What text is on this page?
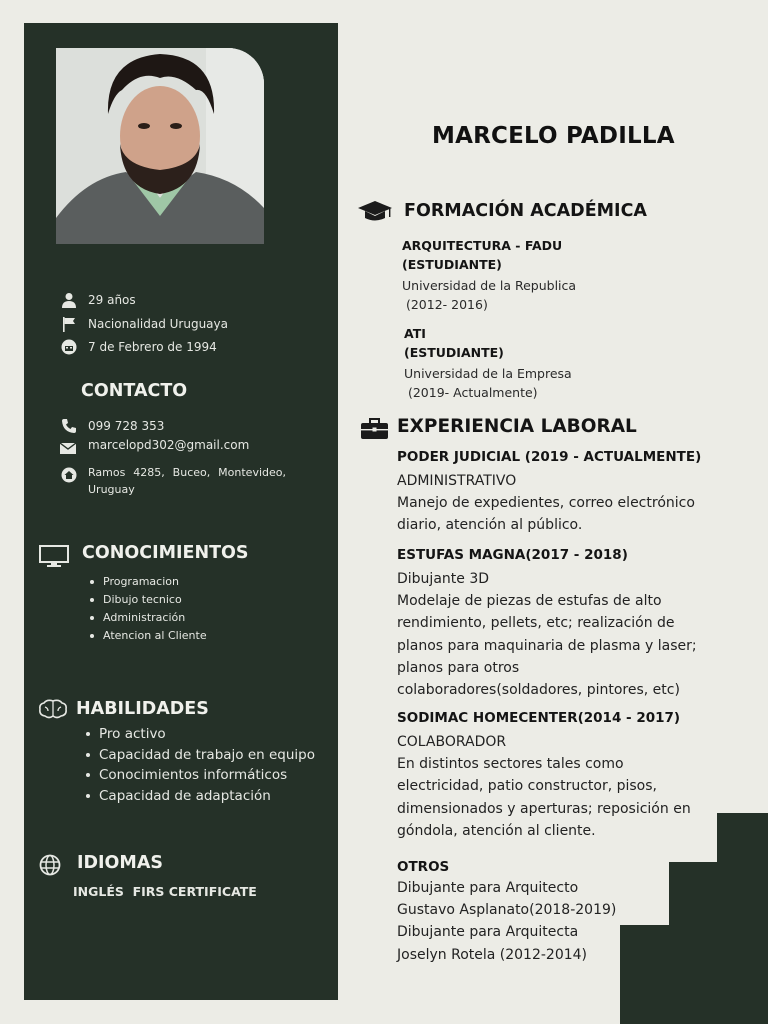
29 años
Nacionalidad Uruguaya
7 de Febrero de 1994
CONTACTO
099 728 353
marcelopd302@gmail.com
Ramos 4285, Buceo, Montevideo, Uruguay
CONOCIMIENTOS
Programacion
Dibujo tecnico
Administración
Atencion al Cliente
HABILIDADES
Pro activo
Capacidad de trabajo en equipo
Conocimientos informáticos
Capacidad de adaptación
IDIOMAS
INGLÉS  FIRS CERTIFICATE
MARCELO PADILLA
FORMACIÓN ACADÉMICA
ARQUITECTURA - FADU
(ESTUDIANTE)
Universidad de la Republica
(2012- 2016)
ATI
(ESTUDIANTE)
Universidad de la Empresa
(2019- Actualmente)
EXPERIENCIA LABORAL
PODER JUDICIAL (2019 - ACTUALMENTE)
ADMINISTRATIVO
Manejo de expedientes, correo electrónico diario, atención al público.
ESTUFAS MAGNA(2017 - 2018)
Dibujante 3D
Modelaje de piezas de estufas de alto rendimiento, pellets, etc; realización de planos para maquinaria de plasma y laser; planos para otros colaboradores(soldadores, pintores, etc)
SODIMAC HOMECENTER(2014 - 2017)
COLABORADOR
En distintos sectores tales como electricidad, patio constructor, pisos, dimensionados y aperturas; reposición en góndola, atención al cliente.
OTROS
Dibujante para Arquitecto
Gustavo Asplanato(2018-2019)
Dibujante para Arquitecta
Joselyn Rotela (2012-2014)
